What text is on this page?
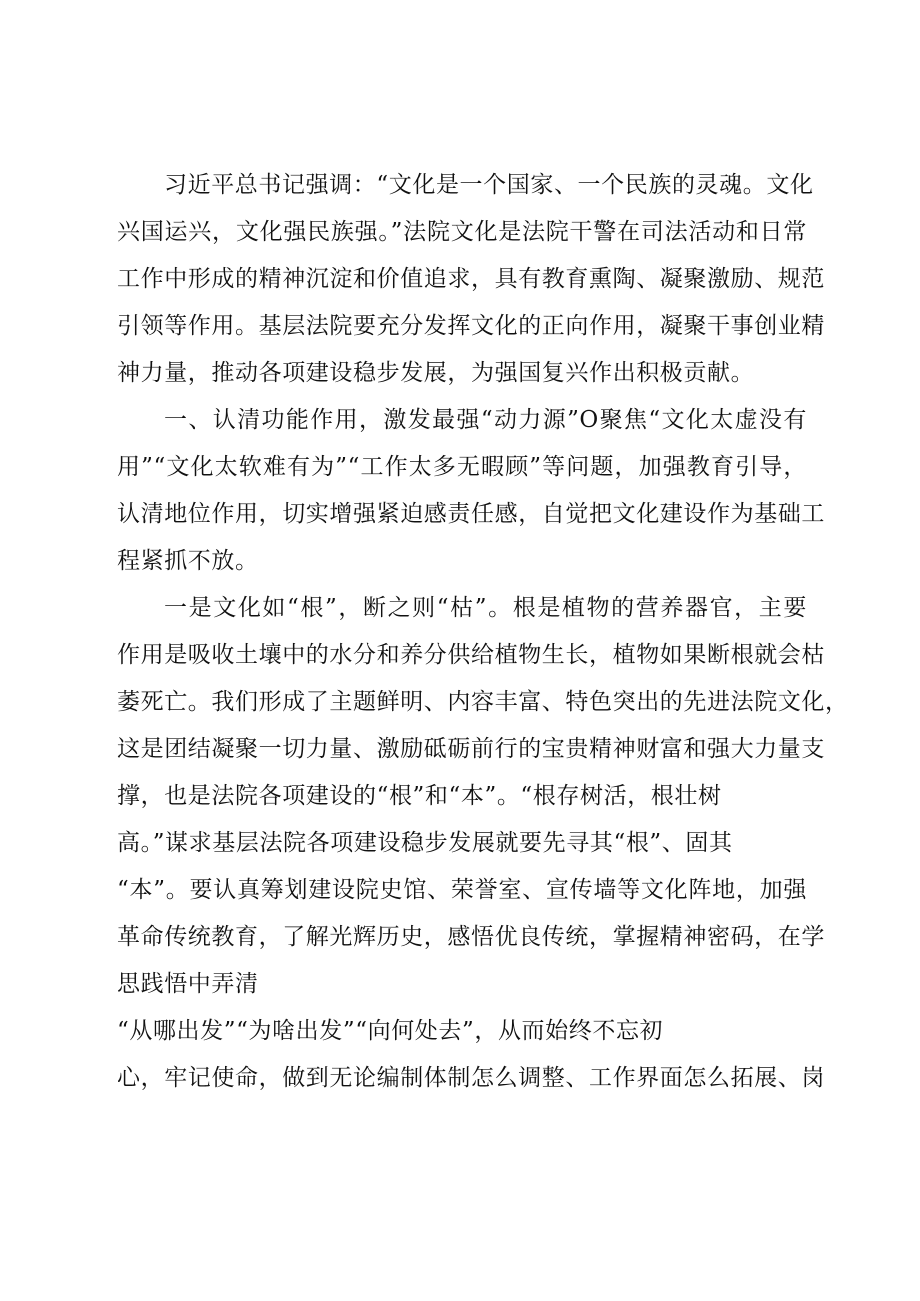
习近平总书记强调：“文化是一个国家、一个民族的灵魂。文化
兴国运兴，文化强民族强。”法院文化是法院干警在司法活动和日常
工作中形成的精神沉淀和价值追求，具有教育熏陶、凝聚激励、规范
引领等作用。基层法院要充分发挥文化的正向作用，凝聚干事创业精
神力量，推动各项建设稳步发展，为强国复兴作出积极贡献。
一、认清功能作用，激发最强“动力源”O聚焦“文化太虚没有
用”“文化太软难有为”“工作太多无暇顾”等问题，加强教育引导，
认清地位作用，切实增强紧迫感责任感，自觉把文化建设作为基础工
程紧抓不放。
一是文化如“根”，断之则“枯”。根是植物的营养器官，主要
作用是吸收土壤中的水分和养分供给植物生长，植物如果断根就会枯
萎死亡。我们形成了主题鲜明、内容丰富、特色突出的先进法院文化，
这是团结凝聚一切力量、激励砥砺前行的宝贵精神财富和强大力量支
撑，也是法院各项建设的“根”和“本”。“根存树活，根壮树
高。”谋求基层法院各项建设稳步发展就要先寻其“根”、固其
“本”。要认真筹划建设院史馆、荣誉室、宣传墙等文化阵地，加强
革命传统教育，了解光辉历史，感悟优良传统，掌握精神密码，在学
思践悟中弄清
“从哪出发”“为啥出发”“向何处去”，从而始终不忘初
心，牢记使命，做到无论编制体制怎么调整、工作界面怎么拓展、岗
